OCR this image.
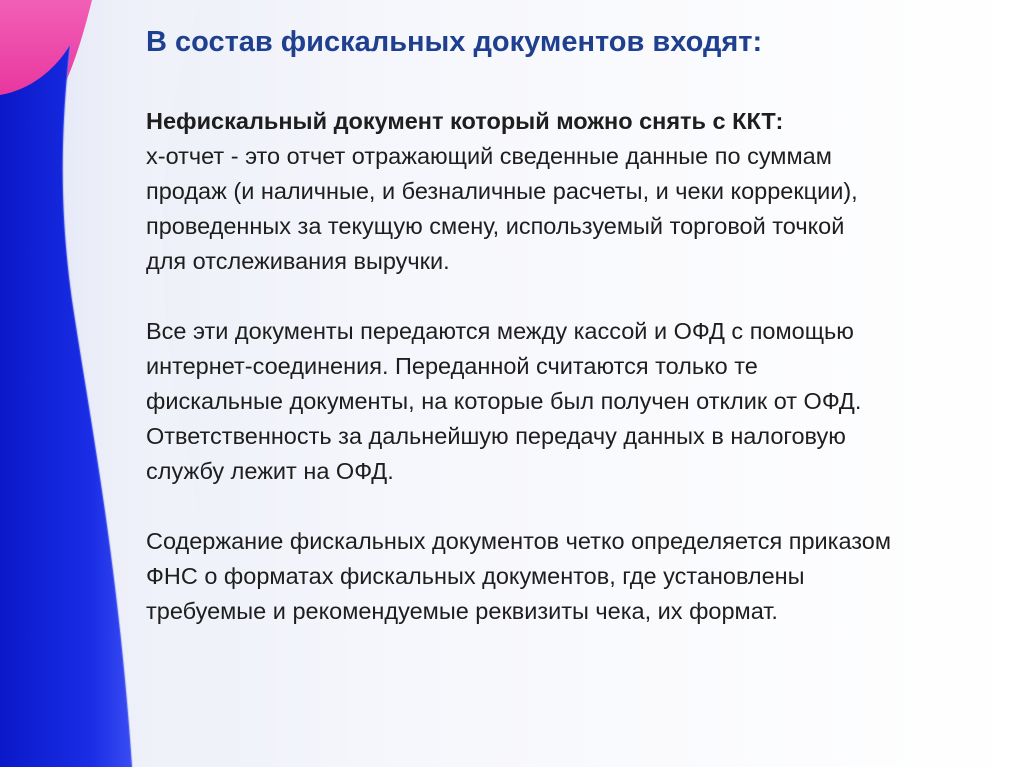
В состав фискальных документов входят:

Нефискальный документ который можно снять с ККТ:
х-отчет - это отчет отражающий сведенные данные по суммам
продаж (и наличные, и безналичные расчеты, и чеки коррекции),
проведенных за текущую смену, используемый торговой точкой
для отслеживания выручки.

Все эти документы передаются между кассой и ОФД с помощью
интернет-соединения. Переданной считаются только те
фискальные документы, на которые был получен отклик от ОФД.
Ответственность за дальнейшую передачу данных в налоговую
службу лежит на ОФД.

Содержание фискальных документов четко определяется приказом
ФНС о форматах фискальных документов, где установлены
требуемые и рекомендуемые реквизиты чека, их формат.
